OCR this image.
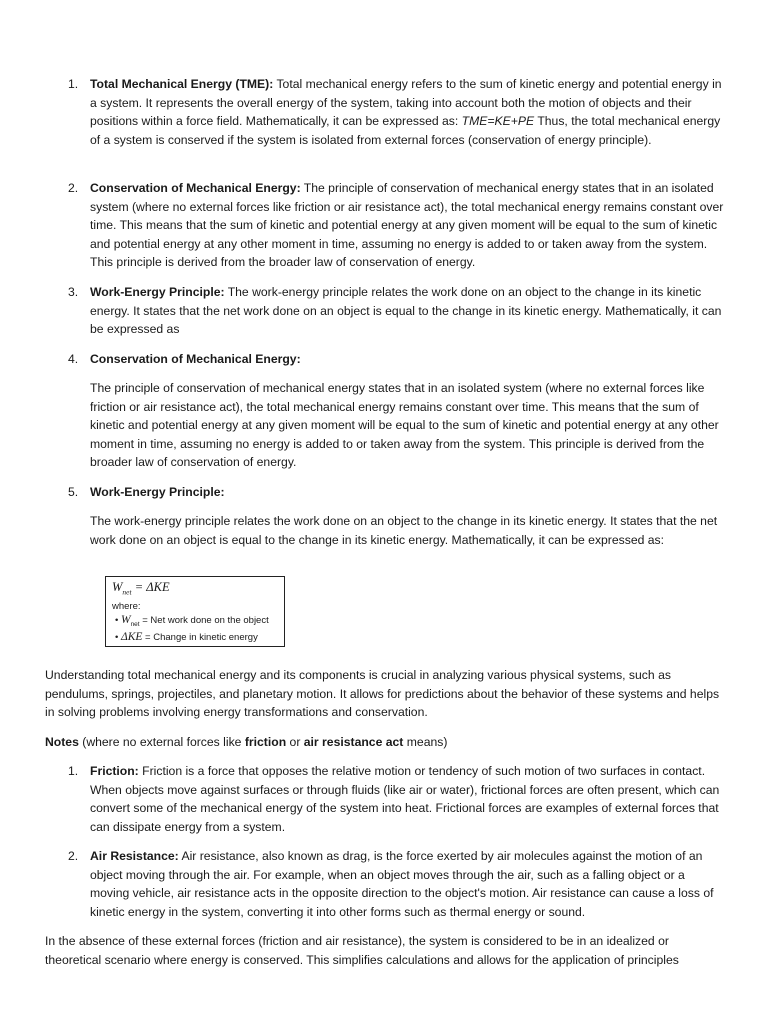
1. Total Mechanical Energy (TME): Total mechanical energy refers to the sum of kinetic energy and potential energy in a system. It represents the overall energy of the system, taking into account both the motion of objects and their positions within a force field. Mathematically, it can be expressed as: TME=KE+PE Thus, the total mechanical energy of a system is conserved if the system is isolated from external forces (conservation of energy principle).
2. Conservation of Mechanical Energy: The principle of conservation of mechanical energy states that in an isolated system (where no external forces like friction or air resistance act), the total mechanical energy remains constant over time. This means that the sum of kinetic and potential energy at any given moment will be equal to the sum of kinetic and potential energy at any other moment in time, assuming no energy is added to or taken away from the system. This principle is derived from the broader law of conservation of energy.
3. Work-Energy Principle: The work-energy principle relates the work done on an object to the change in its kinetic energy. It states that the net work done on an object is equal to the change in its kinetic energy. Mathematically, it can be expressed as
4. Conservation of Mechanical Energy:
The principle of conservation of mechanical energy states that in an isolated system (where no external forces like friction or air resistance act), the total mechanical energy remains constant over time. This means that the sum of kinetic and potential energy at any given moment will be equal to the sum of kinetic and potential energy at any other moment in time, assuming no energy is added to or taken away from the system. This principle is derived from the broader law of conservation of energy.
5. Work-Energy Principle:
The work-energy principle relates the work done on an object to the change in its kinetic energy. It states that the net work done on an object is equal to the change in its kinetic energy. Mathematically, it can be expressed as:
$W_{net} = \Delta KE$
where:
• $W_{net}$ = Net work done on the object
• ΔKE = Change in kinetic energy
Understanding total mechanical energy and its components is crucial in analyzing various physical systems, such as pendulums, springs, projectiles, and planetary motion. It allows for predictions about the behavior of these systems and helps in solving problems involving energy transformations and conservation.
Notes (where no external forces like friction or air resistance act means)
1. Friction: Friction is a force that opposes the relative motion or tendency of such motion of two surfaces in contact. When objects move against surfaces or through fluids (like air or water), frictional forces are often present, which can convert some of the mechanical energy of the system into heat. Frictional forces are examples of external forces that can dissipate energy from a system.
2. Air Resistance: Air resistance, also known as drag, is the force exerted by air molecules against the motion of an object moving through the air. For example, when an object moves through the air, such as a falling object or a moving vehicle, air resistance acts in the opposite direction to the object's motion. Air resistance can cause a loss of kinetic energy in the system, converting it into other forms such as thermal energy or sound.
In the absence of these external forces (friction and air resistance), the system is considered to be in an idealized or theoretical scenario where energy is conserved. This simplifies calculations and allows for the application of principles
